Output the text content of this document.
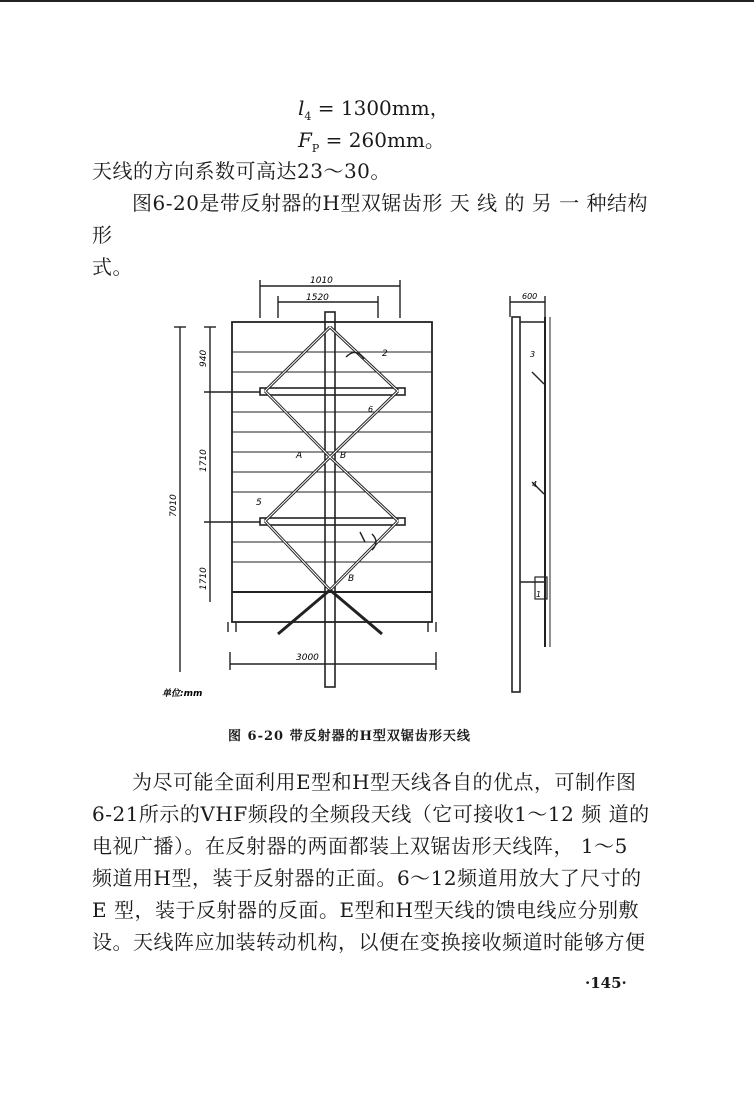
$l_4 = 1300mm$，
$F_P = 260mm$。
天线的方向系数可高达23～30。
图6-20是带反射器的H型双锯齿形 天 线 的 另 一 种结构形
式。
1010
1520
940
1710
1710
7010
3000
600
A	B
B
2
5
6
3
4
1
单位:mm
图 6-20 带反射器的H型双锯齿形天线
为尽可能全面利用E型和H型天线各自的优点，可制作图
6-21所示的VHF频段的全频段天线（它可接收1～12 频 道的
电视广播）。在反射器的两面都装上双锯齿形天线阵， 1～5
频道用H型，装于反射器的正面。6～12频道用放大了尺寸的
E 型，装于反射器的反面。E型和H型天线的馈电线应分别敷
设。天线阵应加装转动机构，以便在变换接收频道时能够方便
·145·
